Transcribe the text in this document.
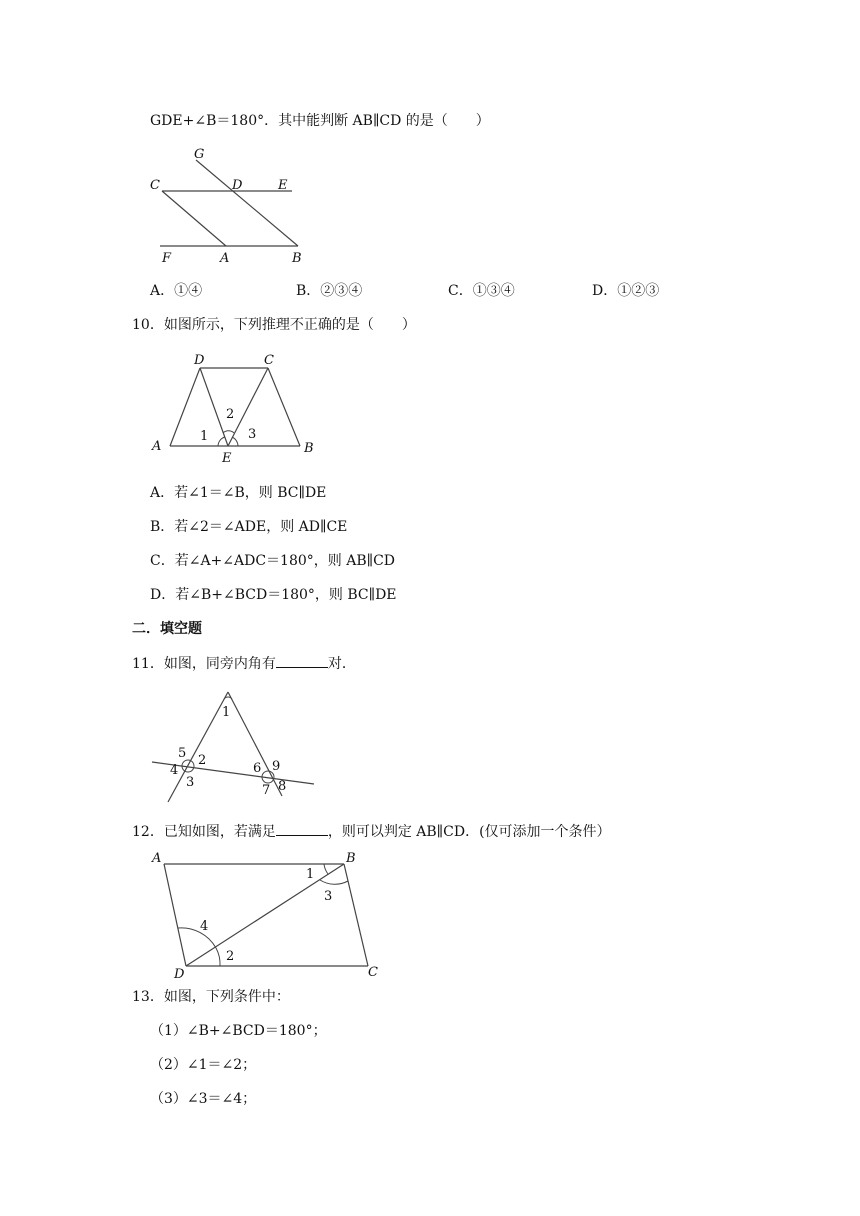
GDE+∠B＝180°．其中能判断 AB∥CD 的是（　　）
G
C	D	E
F	A	B
A．①④	B．②③④	C．①③④	D．①②③
10．如图所示，下列推理不正确的是（　　）
D	C
A
E
B
1
2
3
A．若∠1＝∠B，则 BC∥DE
B．若∠2＝∠ADE，则 AD∥CE
C．若∠A+∠ADC＝180°，则 AB∥CD
D．若∠B+∠BCD＝180°，则 BC∥DE
二．填空题
11．如图，同旁内角有	对．
1
2
3
4
5
6
7 8
9
12．已知如图，若满足	，则可以判定 AB∥CD．(仅可添加一个条件）
A	B
C
D
1
2
3
4
13．如图，下列条件中：
（1）∠B+∠BCD＝180°；
（2）∠1＝∠2；
（3）∠3＝∠4；
